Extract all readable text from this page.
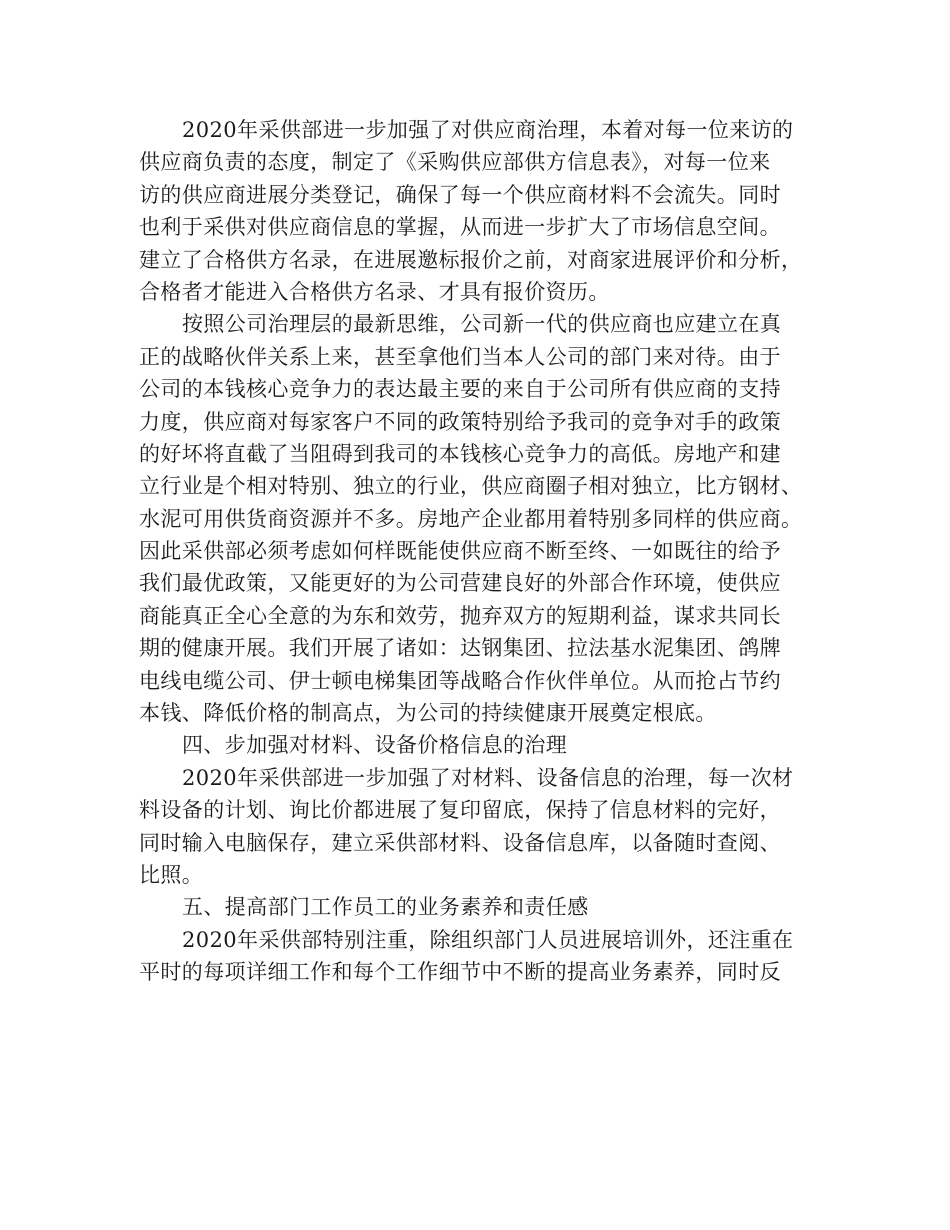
2020年采供部进一步加强了对供应商治理，本着对每一位来访的
供应商负责的态度，制定了《采购供应部供方信息表》，对每一位来
访的供应商进展分类登记，确保了每一个供应商材料不会流失。同时
也利于采供对供应商信息的掌握，从而进一步扩大了市场信息空间。
建立了合格供方名录，在进展邀标报价之前，对商家进展评价和分析，
合格者才能进入合格供方名录、才具有报价资历。
按照公司治理层的最新思维，公司新一代的供应商也应建立在真
正的战略伙伴关系上来，甚至拿他们当本人公司的部门来对待。由于
公司的本钱核心竞争力的表达最主要的来自于公司所有供应商的支持
力度，供应商对每家客户不同的政策特别给予我司的竞争对手的政策
的好坏将直截了当阻碍到我司的本钱核心竞争力的高低。房地产和建
立行业是个相对特别、独立的行业，供应商圈子相对独立，比方钢材、
水泥可用供货商资源并不多。房地产企业都用着特别多同样的供应商。
因此采供部必须考虑如何样既能使供应商不断至终、一如既往的给予
我们最优政策，又能更好的为公司营建良好的外部合作环境，使供应
商能真正全心全意的为东和效劳，抛弃双方的短期利益，谋求共同长
期的健康开展。我们开展了诸如：达钢集团、拉法基水泥集团、鸽牌
电线电缆公司、伊士顿电梯集团等战略合作伙伴单位。从而抢占节约
本钱、降低价格的制高点，为公司的持续健康开展奠定根底。
四、步加强对材料、设备价格信息的治理
2020年采供部进一步加强了对材料、设备信息的治理，每一次材
料设备的计划、询比价都进展了复印留底，保持了信息材料的完好，
同时输入电脑保存，建立采供部材料、设备信息库，以备随时查阅、
比照。
五、提高部门工作员工的业务素养和责任感
2020年采供部特别注重，除组织部门人员进展培训外，还注重在
平时的每项详细工作和每个工作细节中不断的提高业务素养，同时反
